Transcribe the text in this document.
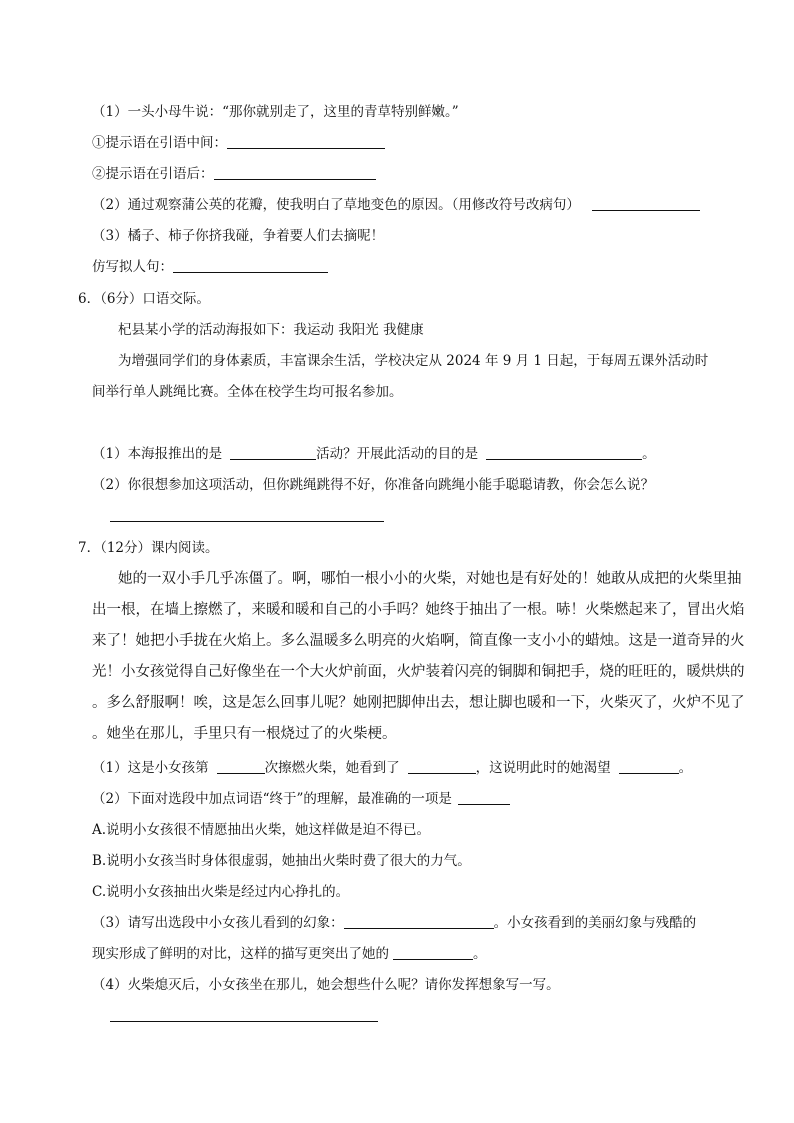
（1）一头小母牛说：“那你就别走了，这里的青草特别鲜嫩。”
①提示语在引语中间：
②提示语在引语后：
（2）通过观察蒲公英的花瓣，使我明白了草地变色的原因。（用修改符号改病句）
（3）橘子、柿子你挤我碰，争着要人们去摘呢！
仿写拟人句：
6．（6分）口语交际。
杞县某小学的活动海报如下：我运动 我阳光 我健康
为增强同学们的身体素质，丰富课余生活，学校决定从 2024 年 9 月 1 日起，于每周五课外活动时
间举行单人跳绳比赛。全体在校学生均可报名参加。
（1）本海报推出的是	活动？开展此活动的目的是	。
（2）你很想参加这项活动，但你跳绳跳得不好，你准备向跳绳小能手聪聪请教，你会怎么说？
7．（12分）课内阅读。
她的一双小手几乎冻僵了。啊，哪怕一根小小的火柴，对她也是有好处的！她敢从成把的火柴里抽
出一根，在墙上擦燃了，来暖和暖和自己的小手吗？她终于抽出了一根。哧！火柴燃起来了，冒出火焰
来了！她把小手拢在火焰上。多么温暖多么明亮的火焰啊，简直像一支小小的蜡烛。这是一道奇异的火
光！小女孩觉得自己好像坐在一个大火炉前面，火炉装着闪亮的铜脚和铜把手，烧的旺旺的，暖烘烘的
。多么舒服啊！唉，这是怎么回事儿呢？她刚把脚伸出去，想让脚也暖和一下，火柴灭了，火炉不见了
。她坐在那儿，手里只有一根烧过了的火柴梗。
（1）这是小女孩第	次擦燃火柴，她看到了	，这说明此时的她渴望	。
（2）下面对选段中加点词语“终于”的理解，最准确的一项是
A.说明小女孩很不情愿抽出火柴，她这样做是迫不得已。
B.说明小女孩当时身体很虚弱，她抽出火柴时费了很大的力气。
C.说明小女孩抽出火柴是经过内心挣扎的。
（3）请写出选段中小女孩儿看到的幻象：	。小女孩看到的美丽幻象与残酷的
现实形成了鲜明的对比，这样的描写更突出了她的	。
（4）火柴熄灭后，小女孩坐在那儿，她会想些什么呢？请你发挥想象写一写。
